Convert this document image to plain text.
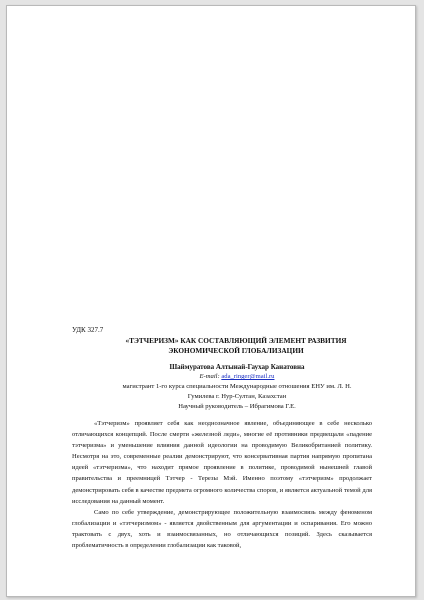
УДК 327.7
«ТЭТЧЕРИЗМ» КАК СОСТАВЛЯЮЩИЙ ЭЛЕМЕНТ РАЗВИТИЯ
ЭКОНОМИЧЕСКОЙ ГЛОБАЛИЗАЦИИ
Шаймуратова Алтынай-Гаухар Канатовна
E-mail: ada_ringer@mail.ru
магистрант 1-го курса специальности Международные отношения ЕНУ им. Л. Н.
Гумилева г. Нур-Султан, Казахстан
Научный руководитель – Ибрагимова Г.Е.

«Тэтчеризм» проявляет себя как неоднозначное явление, объединяющее в себе несколько отличающихся концепций. После смерти «железной леди», многие её противники предвещали «падение тэтчеризма» и уменьшение влияния данной идеологии на проводимую Великобританией политику. Несмотря на это, современные реалии демонстрируют, что консервативная партия напрямую пропитана идеей «тэтчеризма», что находит прямое проявление в политике, проводимой нынешней главой правительства и преемницей Тэтчер - Терезы Мэй. Именно поэтому «тэтчеризм» продолжает демонстрировать себя в качестве предмета огромного количества споров, и является актуальной темой для исследования на данный момент.

Само по себе утверждение, демонстрирующее положительную взаимосвязь между феноменом глобализации и «тэтчеризмом» - является двойственным для аргументации и оспаривания. Его можно трактовать с двух, хоть и взаимосвязанных, но отличающихся позиций. Здесь сказывается проблематичность в определении глобализации как таковой,
